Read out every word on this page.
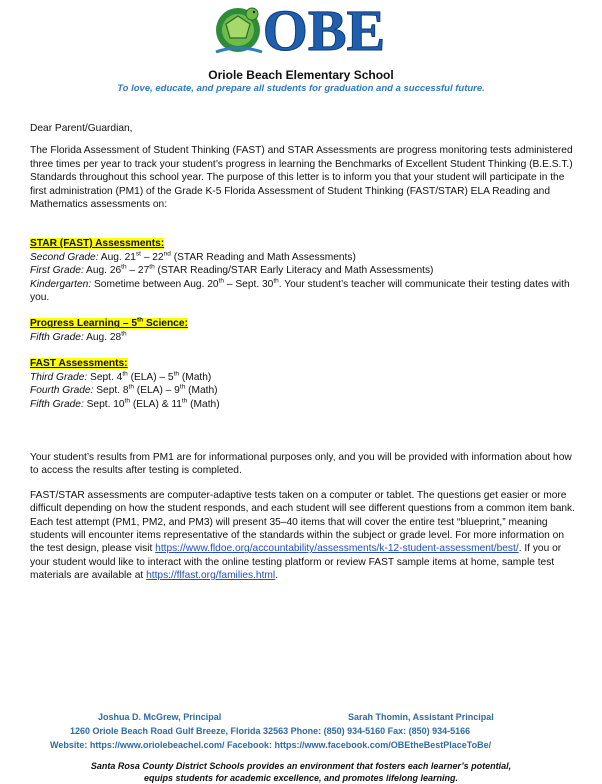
OBE
Oriole Beach Elementary School
To love, educate, and prepare all students for graduation and a successful future.

Dear Parent/Guardian,

The Florida Assessment of Student Thinking (FAST) and STAR Assessments are progress monitoring tests administered three times per year to track your student’s progress in learning the Benchmarks of Excellent Student Thinking (B.E.S.T.) Standards throughout this school year. The purpose of this letter is to inform you that your student will participate in the first administration (PM1) of the Grade K-5 Florida Assessment of Student Thinking (FAST/STAR) ELA Reading and Mathematics assessments on:

STAR (FAST) Assessments:

Second Grade: Aug. 21st – 22nd (STAR Reading and Math Assessments)

First Grade: Aug. 26th – 27th (STAR Reading/STAR Early Literacy and Math Assessments)

Kindergarten: Sometime between Aug. 20th – Sept. 30th. Your student’s teacher will communicate their testing dates with you.

Progress Learning – 5th Science:

Fifth Grade: Aug. 28th

FAST Assessments:

Third Grade: Sept. 4th (ELA) – 5th (Math)

Fourth Grade: Sept. 8th (ELA) – 9th (Math)

Fifth Grade: Sept. 10th (ELA) & 11th (Math)

Your student’s results from PM1 are for informational purposes only, and you will be provided with information about how to access the results after testing is completed.

FAST/STAR assessments are computer-adaptive tests taken on a computer or tablet. The questions get easier or more difficult depending on how the student responds, and each student will see different questions from a common item bank. Each test attempt (PM1, PM2, and PM3) will present 35–40 items that will cover the entire test “blueprint,” meaning students will encounter items representative of the standards within the subject or grade level. For more information on the test design, please visit https://www.fldoe.org/accountability/assessments/k-12-student-assessment/best/. If you or your student would like to interact with the online testing platform or review FAST sample items at home, sample test materials are available at https://flfast.org/families.html.

Joshua D. McGrew, Principal	Sarah Thomin, Assistant Principal
1260 Oriole Beach Road Gulf Breeze, Florida 32563 Phone: (850) 934-5160 Fax: (850) 934-5166
Website: https://www.oriolebeachel.com/ Facebook: https://www.facebook.com/OBEtheBestPlaceToBe/
Santa Rosa County District Schools provides an environment that fosters each learner’s potential,
equips students for academic excellence, and promotes lifelong learning.
